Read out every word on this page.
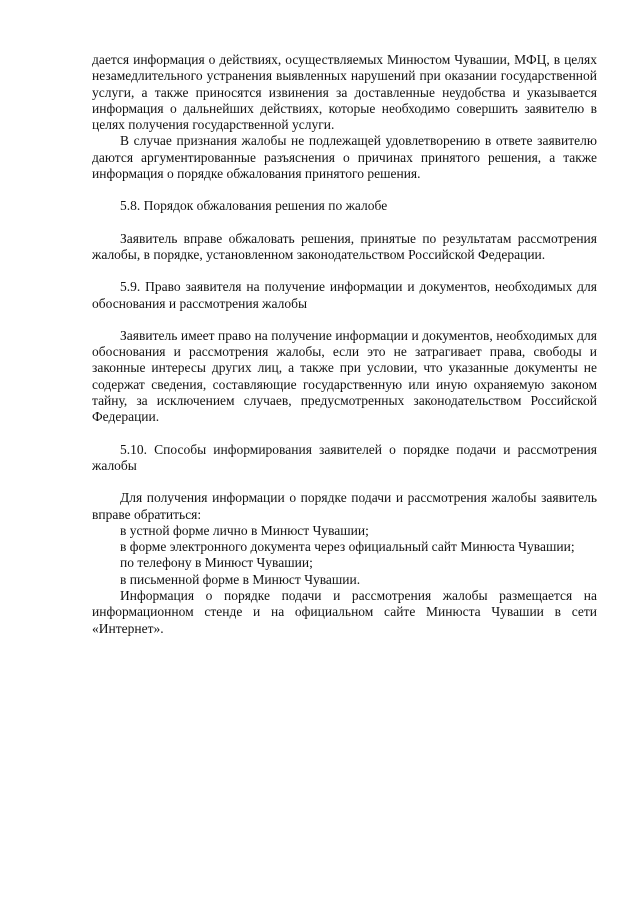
дается информация о действиях, осуществляемых Минюстом Чувашии, МФЦ, в целях незамедлительного устранения выявленных нарушений при оказании государственной услуги, а также приносятся извинения за доставленные неудобства и указывается информация о дальнейших действиях, которые необходимо совершить заявителю в целях получения государственной услуги.

В случае признания жалобы не подлежащей удовлетворению в ответе заявителю даются аргументированные разъяснения о причинах принятого решения, а также информация о порядке обжалования принятого решения.

5.8. Порядок обжалования решения по жалобе

Заявитель вправе обжаловать решения, принятые по результатам рассмотрения жалобы, в порядке, установленном законодательством Российской Федерации.

5.9. Право заявителя на получение информации и документов, необходимых для обоснования и рассмотрения жалобы

Заявитель имеет право на получение информации и документов, необходимых для обоснования и рассмотрения жалобы, если это не затрагивает права, свободы и законные интересы других лиц, а также при условии, что указанные документы не содержат сведения, составляющие государственную или иную охраняемую законом тайну, за исключением случаев, предусмотренных законодательством Российской Федерации.

5.10. Способы информирования заявителей о порядке подачи и рассмотрения жалобы

Для получения информации о порядке подачи и рассмотрения жалобы заявитель вправе обратиться:

в устной форме лично в Минюст Чувашии;

в форме электронного документа через официальный сайт Минюста Чувашии;

по телефону в Минюст Чувашии;

в письменной форме в Минюст Чувашии.

Информация о порядке подачи и рассмотрения жалобы размещается на информационном стенде и на официальном сайте Минюста Чувашии в сети «Интернет».
